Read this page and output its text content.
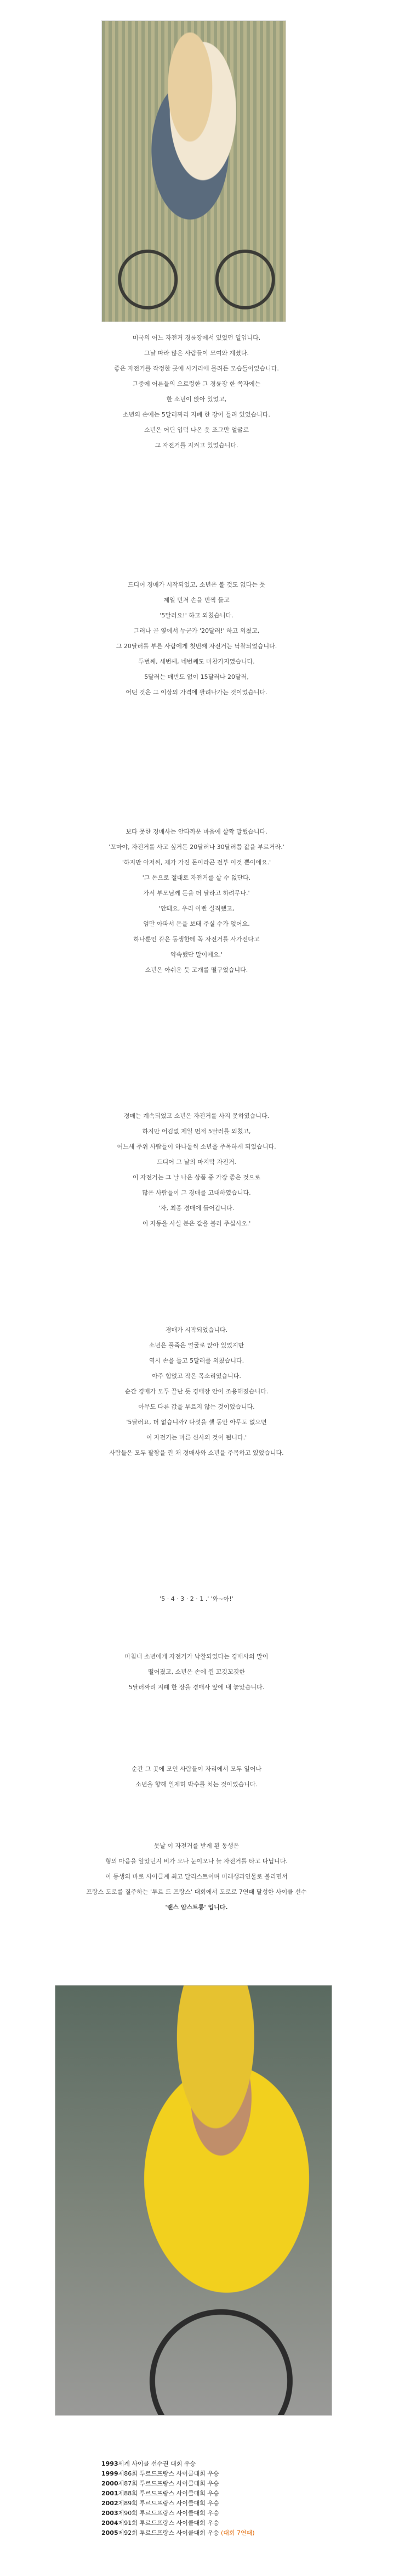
미국의 어느 자전거 경륜장에서 있었던 일입니다.
그날 따라 많은 사람들이 모여와 계셨다.
좋은 자전거를 작정한 곳에 사거리에 몰려든 모습들이었습니다.
그중에 어른들의 으르렁한 그 경륜장 한 쪽자에는
한 소년이 앉아 있었고,
소년의 손에는 5달러짜리 지폐 한 장이 들려 있었습니다.
소년은 어딘 입덕 나온 옷 조그만 얼굴로
그 자전거를 지켜고 있었습니다.
드디어 경매가 시작되었고, 소년은 볼 것도 없다는 듯
제일 먼저 손을 번쩍 들고
'5달러요!' 하고 외쳤습니다.
그러나 곧 옆에서 누군가 '20달러!' 하고 외쳤고,
그 20달러를 부른 사람에게 첫번째 자전거는 낙찰되었습니다.
두번째, 세번째, 네번째도 마찬가지였습니다.
5달러는 매번도 없이 15달러나 20달러,
어떤 것은 그 이상의 가격에 팔려나가는 것이었습니다.
보다 못한 경매사는 안타까운 마음에 살짝 말했습니다.
'꼬마야, 자전거를 사고 싶거든 20달러나 30달러쯤 값을 부르거라.'
'하지만 아저씨, 제가 가진 돈이라곤 전부 이것 뿐이에요.'
'그 돈으로 절대로 자전거를 살 수 없단다.
가서 부모님께 돈을 더 달라고 하려무나.'
'안돼요, 우리 아빤 실직했고,
엄만 아파서 돈을 보태 주실 수가 없어요.
하나뿐인 같은 동생한테 꼭 자전거를 사가진다고
약속했단 말이에요.'
소년은 아쉬운 듯 고개를 떨구었습니다.
경매는 계속되었고 소년은 자전거를 사지 못하였습니다.
하지만 어김없 제일 먼저 5달러를 외쳤고,
어느새 주위 사람들이 하나둘씩 소년을 주목하게 되었습니다.
드디어 그 날의 마지막 자전거.
이 자전거는 그 날 나온 상품 중 가장 좋은 것으로
많은 사람들이 그 경매를 고대하였습니다.
'자, 최종 경매에 들어갑니다.
이 자동을 사실 분은 값을 불러 주십시오.'
경매가 시작되었습니다.
소년은 풀죽은 얼굴로 앉아 있었지만
역시 손을 들고 5달러를 외쳤습니다.
아주 힘없고 작은 목소리였습니다.
순간 경매가 모두 끝난 듯 경매장 안이 조용해졌습니다.
아무도 다른 값을 부르지 않는 것이었습니다.
'5달러요, 더 없습니까? 다섯을 셀 동안 아무도 없으면
이 자전거는 마른 신사의 것이 됩니다.'
사람들은 모두 팔짱을 낀 채 경매사와 소년을 주목하고 있었습니다.
'5 · 4 · 3 · 2 · 1 .' '와~아!'
마침내 소년에게 자전거가 낙찰되었다는 경매사의 말이
떨어졌고, 소년은 손에 쥔 꼬깃꼬깃한
5달러짜리 지폐 한 장을 경매사 앞에 내 놓았습니다.
순간 그 곳에 모인 사람들이 자리에서 모두 일어나
소년을 향해 일제히 박수를 치는 것이었습니다.
못날 이 자전거를 받게 된 동생은
형의 마음을 알았던지 비가 오나 눈이오나 늘 자전거를 타고 다닙니다.
이 동생의 바로 사이클계 최고 달리스트이며 미래생과인물로 불리면서
프랑스 도로를 질주하는 '투르 드 프랑스' 대회에서 도로로 7연패 달성한 사이클 선수
'랜스 암스트롱' 입니다.
1993세계 사이클 선수권 대회 우승
1999제86회 투르드프랑스 사이클대회 우승
2000제87회 투르드프랑스 사이클대회 우승
2001제88회 투르드프랑스 사이클대회 우승
2002제89회 투르드프랑스 사이클대회 우승
2003제90회 투르드프랑스 사이클대회 우승
2004제91회 투르드프랑스 사이클대회 우승
2005제92회 투르드프랑스 사이클대회 우승 (대회 7연패)
